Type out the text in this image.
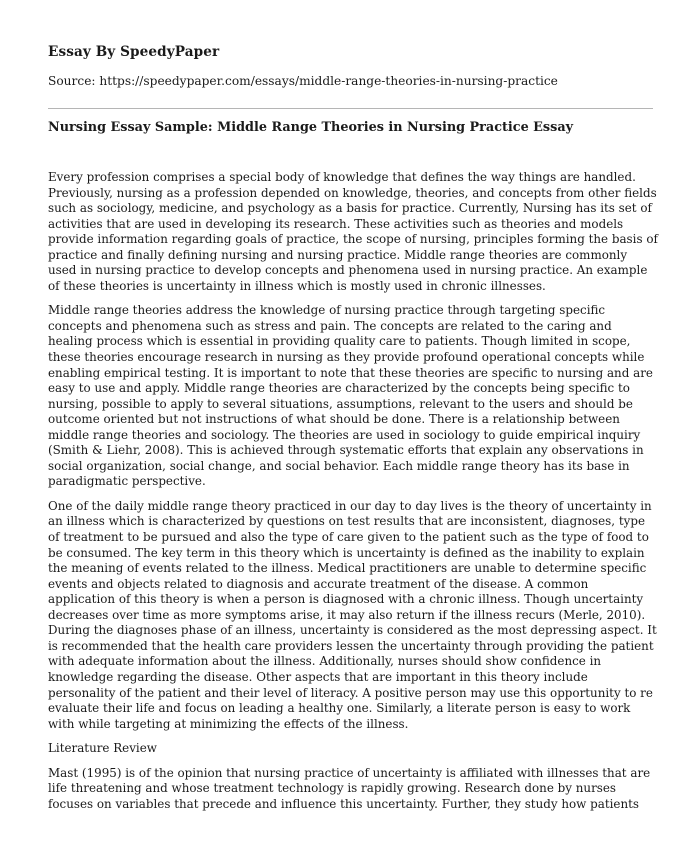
Essay By SpeedyPaper
Source: https://speedypaper.com/essays/middle-range-theories-in-nursing-practice
Nursing Essay Sample: Middle Range Theories in Nursing Practice Essay

Every profession comprises a special body of knowledge that defines the way things are handled. Previously, nursing as a profession depended on knowledge, theories, and concepts from other fields such as sociology, medicine, and psychology as a basis for practice. Currently, Nursing has its set of activities that are used in developing its research. These activities such as theories and models provide information regarding goals of practice, the scope of nursing, principles forming the basis of practice and finally defining nursing and nursing practice. Middle range theories are commonly used in nursing practice to develop concepts and phenomena used in nursing practice. An example of these theories is uncertainty in illness which is mostly used in chronic illnesses.

Middle range theories address the knowledge of nursing practice through targeting specific concepts and phenomena such as stress and pain. The concepts are related to the caring and healing process which is essential in providing quality care to patients. Though limited in scope, these theories encourage research in nursing as they provide profound operational concepts while enabling empirical testing. It is important to note that these theories are specific to nursing and are easy to use and apply. Middle range theories are characterized by the concepts being specific to nursing, possible to apply to several situations, assumptions, relevant to the users and should be outcome oriented but not instructions of what should be done. There is a relationship between middle range theories and sociology. The theories are used in sociology to guide empirical inquiry (Smith & Liehr, 2008). This is achieved through systematic efforts that explain any observations in social organization, social change, and social behavior. Each middle range theory has its base in paradigmatic perspective.

One of the daily middle range theory practiced in our day to day lives is the theory of uncertainty in an illness which is characterized by questions on test results that are inconsistent, diagnoses, type of treatment to be pursued and also the type of care given to the patient such as the type of food to be consumed. The key term in this theory which is uncertainty is defined as the inability to explain the meaning of events related to the illness. Medical practitioners are unable to determine specific events and objects related to diagnosis and accurate treatment of the disease. A common application of this theory is when a person is diagnosed with a chronic illness. Though uncertainty decreases over time as more symptoms arise, it may also return if the illness recurs (Merle, 2010). During the diagnoses phase of an illness, uncertainty is considered as the most depressing aspect. It is recommended that the health care providers lessen the uncertainty through providing the patient with adequate information about the illness. Additionally, nurses should show confidence in knowledge regarding the disease. Other aspects that are important in this theory include personality of the patient and their level of literacy. A positive person may use this opportunity to re evaluate their life and focus on leading a healthy one. Similarly, a literate person is easy to work with while targeting at minimizing the effects of the illness.

Literature Review

Mast (1995) is of the opinion that nursing practice of uncertainty is affiliated with illnesses that are life threatening and whose treatment technology is rapidly growing. Research done by nurses focuses on variables that precede and influence this uncertainty. Further, they study how patients
